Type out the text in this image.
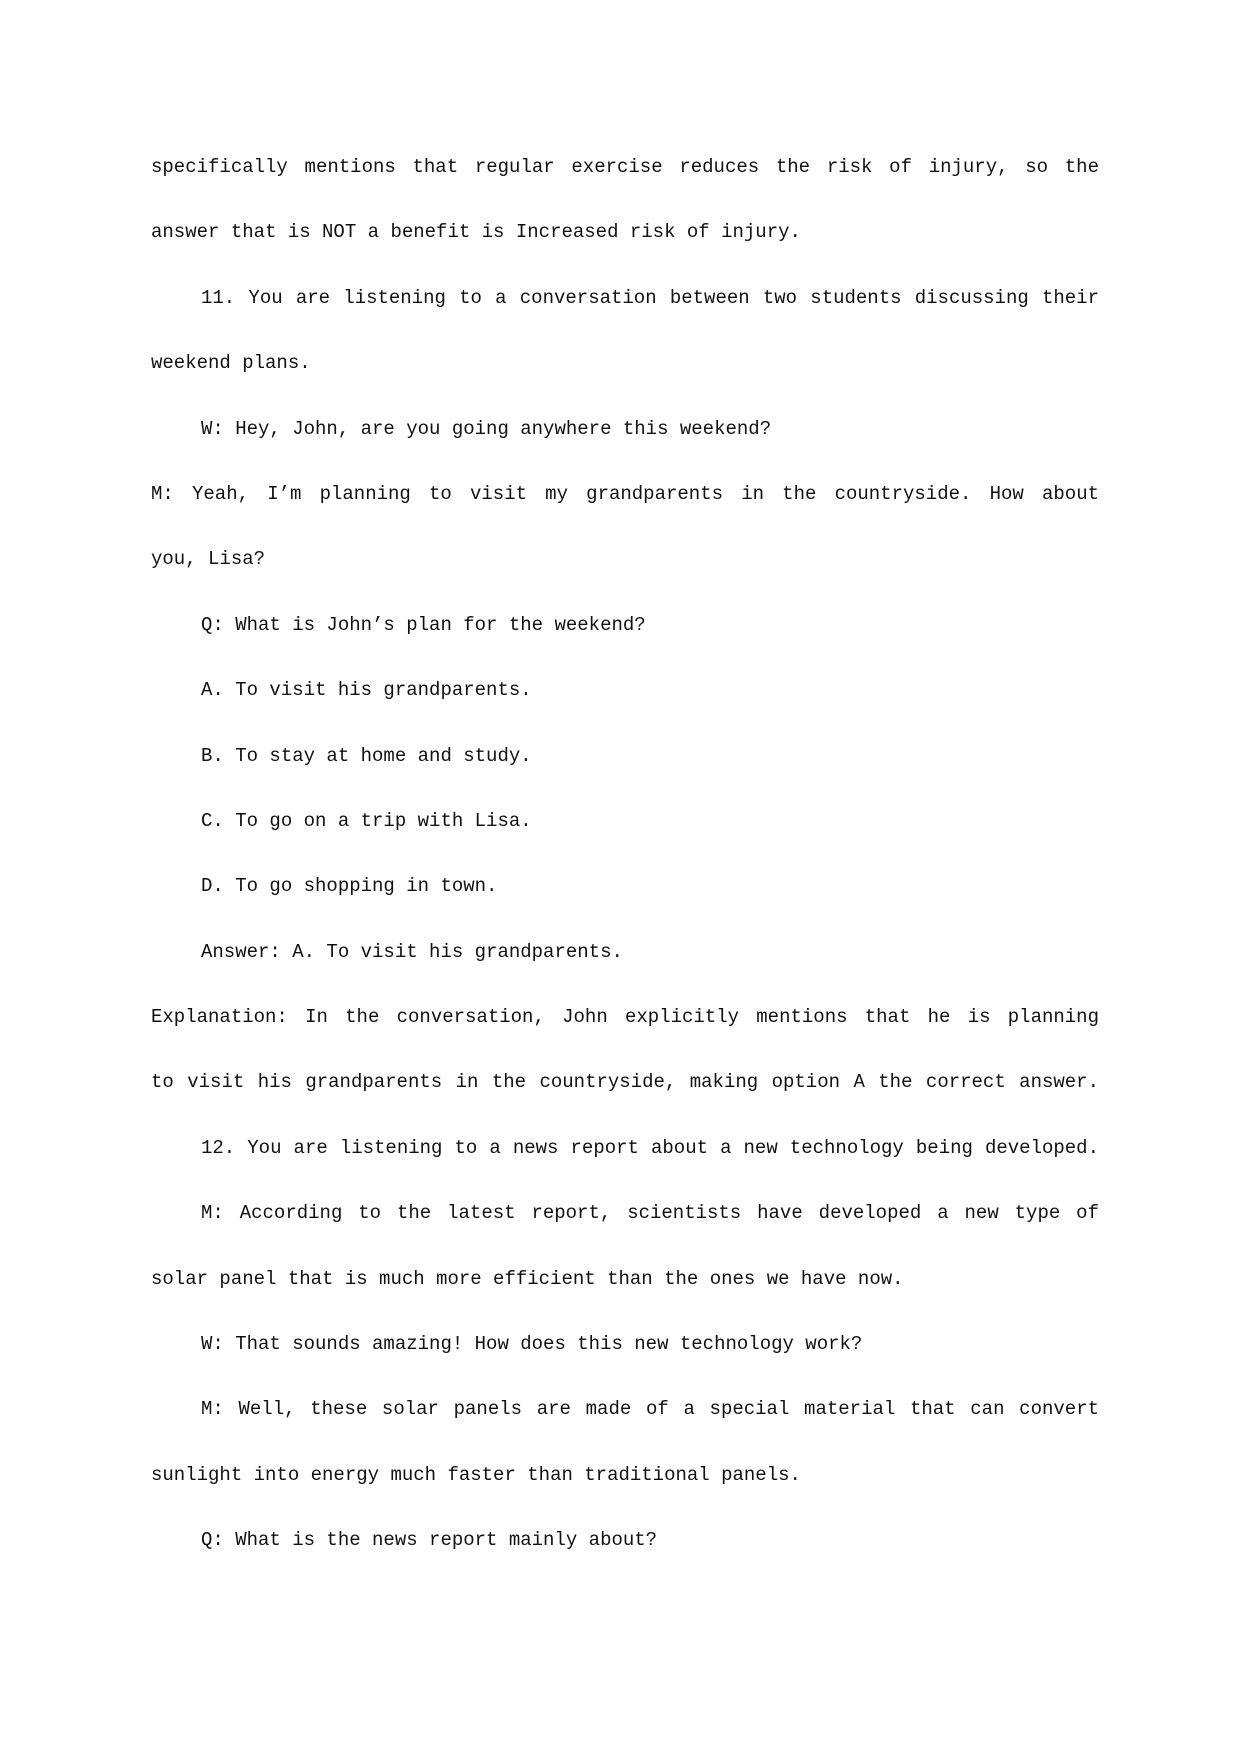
specifically mentions that regular exercise reduces the risk of injury, so the
answer that is NOT a benefit is Increased risk of injury.
11. You are listening to a conversation between two students discussing their
weekend plans.
W: Hey, John, are you going anywhere this weekend?
M: Yeah, I’m planning to visit my grandparents in the countryside. How about
you, Lisa?
Q: What is John’s plan for the weekend?
A. To visit his grandparents.
B. To stay at home and study.
C. To go on a trip with Lisa.
D. To go shopping in town.
Answer: A. To visit his grandparents.
Explanation: In the conversation, John explicitly mentions that he is planning
to visit his grandparents in the countryside, making option A the correct answer.
12. You are listening to a news report about a new technology being developed.
M: According to the latest report, scientists have developed a new type of
solar panel that is much more efficient than the ones we have now.
W: That sounds amazing! How does this new technology work?
M: Well, these solar panels are made of a special material that can convert
sunlight into energy much faster than traditional panels.
Q: What is the news report mainly about?
